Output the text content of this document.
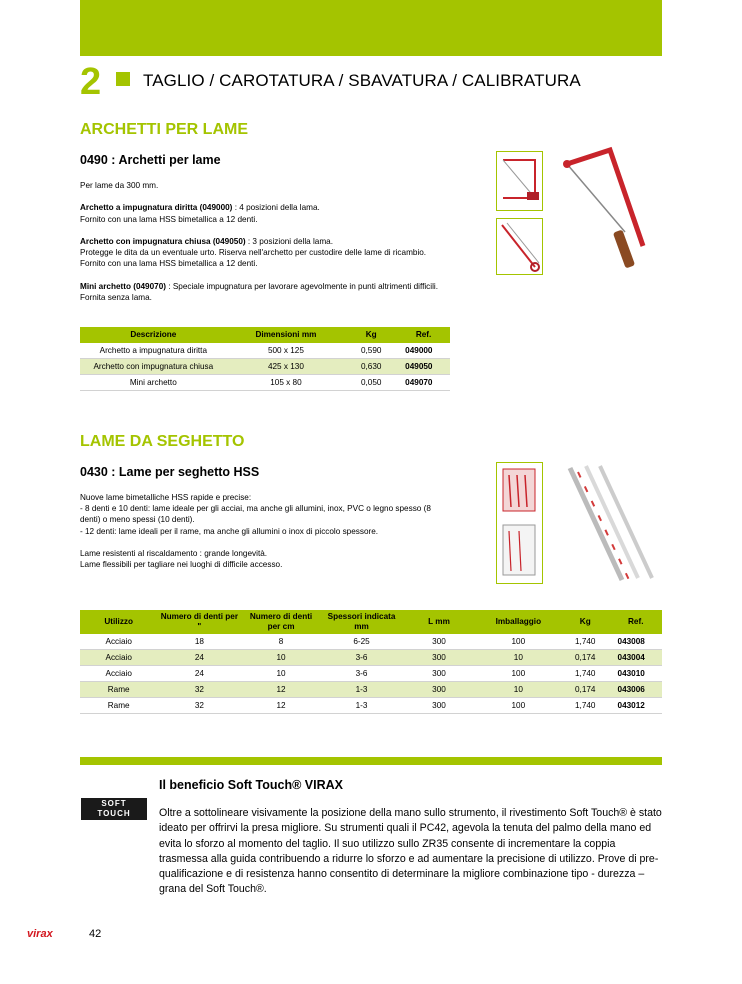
2 TAGLIO / CAROTATURA / SBAVATURA / CALIBRATURA
ARCHETTI PER LAME
0490 : Archetti per lame

Per lame da 300 mm.

Archetto a impugnatura diritta (049000) : 4 posizioni della lama.

Fornito con una lama HSS bimetallica a 12 denti.

Archetto con impugnatura chiusa (049050) : 3 posizioni della lama.

Protegge le dita da un eventuale urto. Riserva nell'archetto per custodire delle lame di ricambio.

Fornito con una lama HSS bimetallica a 12 denti.

Mini archetto (049070) : Speciale impugnatura per lavorare agevolmente in punti altrimenti difficili.

Fornita senza lama.

Descrizione	Dimensioni mm	Kg	Ref.
Archetto a impugnatura diritta	500 x 125	0,590	049000
Archetto con impugnatura chiusa	425 x 130	0,630	049050
Mini archetto	105 x 80	0,050	049070
LAME DA SEGHETTO
0430 : Lame per seghetto HSS

Nuove lame bimetalliche HSS rapide e precise:

- 8 denti e 10 denti: lame ideale per gli acciai, ma anche gli allumini, inox, PVC o legno spesso (8

denti) o meno spessi (10 denti).

- 12 denti: lame ideali per il rame, ma anche gli allumini o inox di piccolo spessore.

Lame resistenti al riscaldamento : grande longevità.

Lame flessibili per tagliare nei luoghi di difficile accesso.

Utilizzo	Numero di denti per "	Numero di denti per cm	Spessori indicata mm	L mm	Imballaggio	Kg	Ref.
Acciaio	18	8	6-25	300	100	1,740	043008
Acciaio	24	10	3-6	300	10	0,174	043004
Acciaio	24	10	3-6	300	100	1,740	043010
Rame	32	12	1-3	300	10	0,174	043006
Rame	32	12	1-3	300	100	1,740	043012
Il beneficio Soft Touch® VIRAX
SOFT
TOUCH	Oltre a sottolineare visivamente la posizione della mano sullo strumento, il rivestimento Soft Touch® è stato ideato per offrirvi la presa migliore. Su strumenti quali il PC42, agevola la tenuta del palmo della mano ed evita lo sforzo al momento del taglio. Il suo utilizzo sullo ZR35 consente di incrementare la coppia trasmessa alla guida contribuendo a ridurre lo sforzo e ad aumentare la precisione di utilizzo. Prove di pre-qualificazione e di resistenza hanno consentito di determinare la migliore combinazione tipo - durezza – grana del Soft Touch®.
virax	42
